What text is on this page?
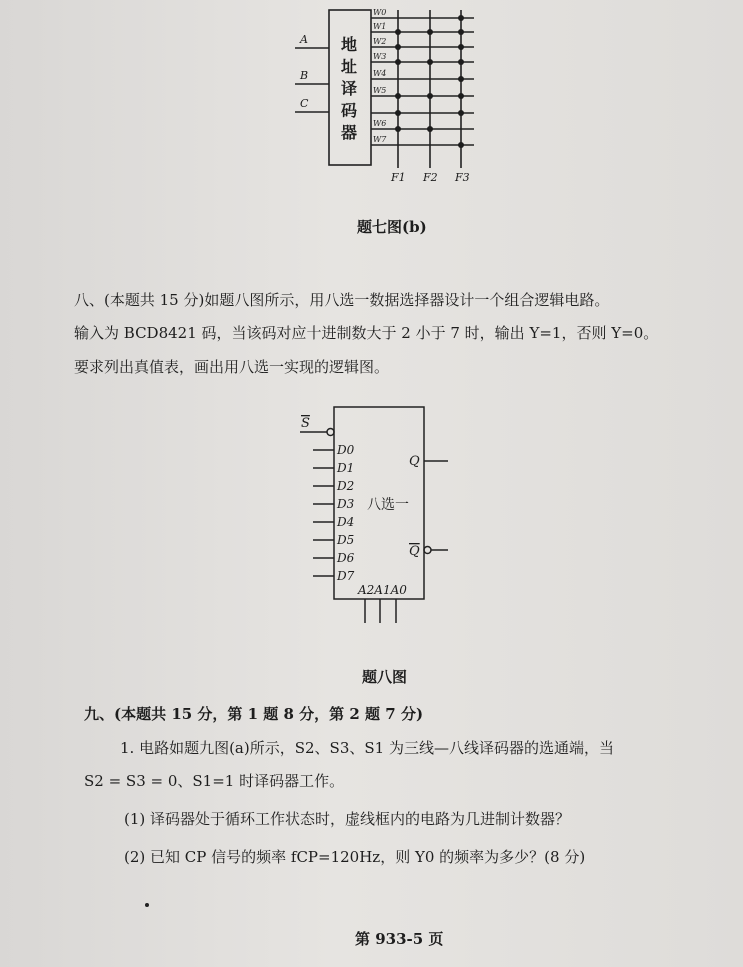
地
址
译
码
器
A
B
C
W0
W1
W2
W3
W4
W5
W6
W7
F1 F2 F3
题七图(b)
八、(本题共 15 分)如题八图所示，用八选一数据选择器设计一个组合逻辑电路。
输入为 BCD8421 码，当该码对应十进制数大于 2 小于 7 时，输出 Y=1，否则 Y=0。
要求列出真值表，画出用八选一实现的逻辑图。
S
D0
D1
D2
D3
D4
D5
D6
D7
八选一
Q
Q
A2A1A0
题八图
九、(本题共 15 分，第 1 题 8 分，第 2 题 7 分)
1. 电路如题九图(a)所示，S2、S3、S1 为三线—八线译码器的选通端，当
S2 = S3 = 0、S1=1 时译码器工作。
(1) 译码器处于循环工作状态时，虚线框内的电路为几进制计数器？
(2) 已知 CP 信号的频率 fCP=120Hz，则 Y0 的频率为多少？(8 分)
第 933-5 页
